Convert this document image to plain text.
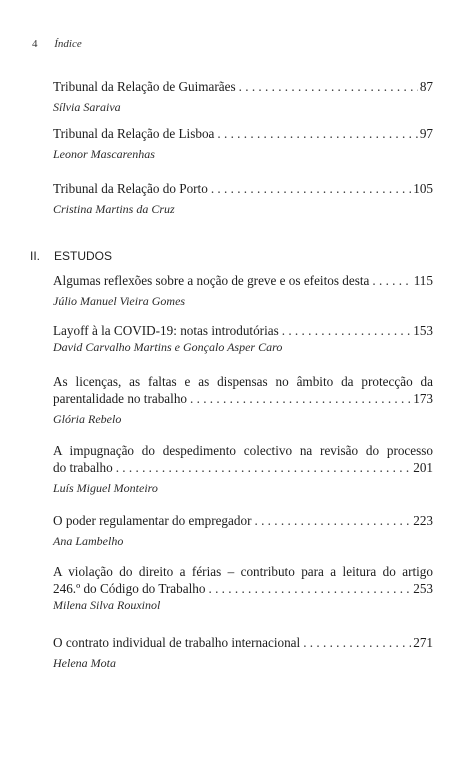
4 Índice
Tribunal da Relação de Guimarães . . .	87
Sílvia Saraiva
Tribunal da Relação de Lisboa . . .	97
Leonor Mascarenhas
Tribunal da Relação do Porto . . .	105
Cristina Martins da Cruz
II. ESTUDOS
Algumas reflexões sobre a noção de greve e os efeitos desta . . .	115
Júlio Manuel Vieira Gomes
Layoff à la COVID-19: notas introdutórias . . .	153
David Carvalho Martins e Gonçalo Asper Caro
As licenças, as faltas e as dispensas no âmbito da protecção da
parentalidade no trabalho . . .	173
Glória Rebelo
A impugnação do despedimento colectivo na revisão do processo
do trabalho . . .	201
Luís Miguel Monteiro
O poder regulamentar do empregador . . .	223
Ana Lambelho
A violação do direito a férias – contributo para a leitura do artigo
246.º do Código do Trabalho . . .	253
Milena Silva Rouxinol
O contrato individual de trabalho internacional . . .	271
Helena Mota
